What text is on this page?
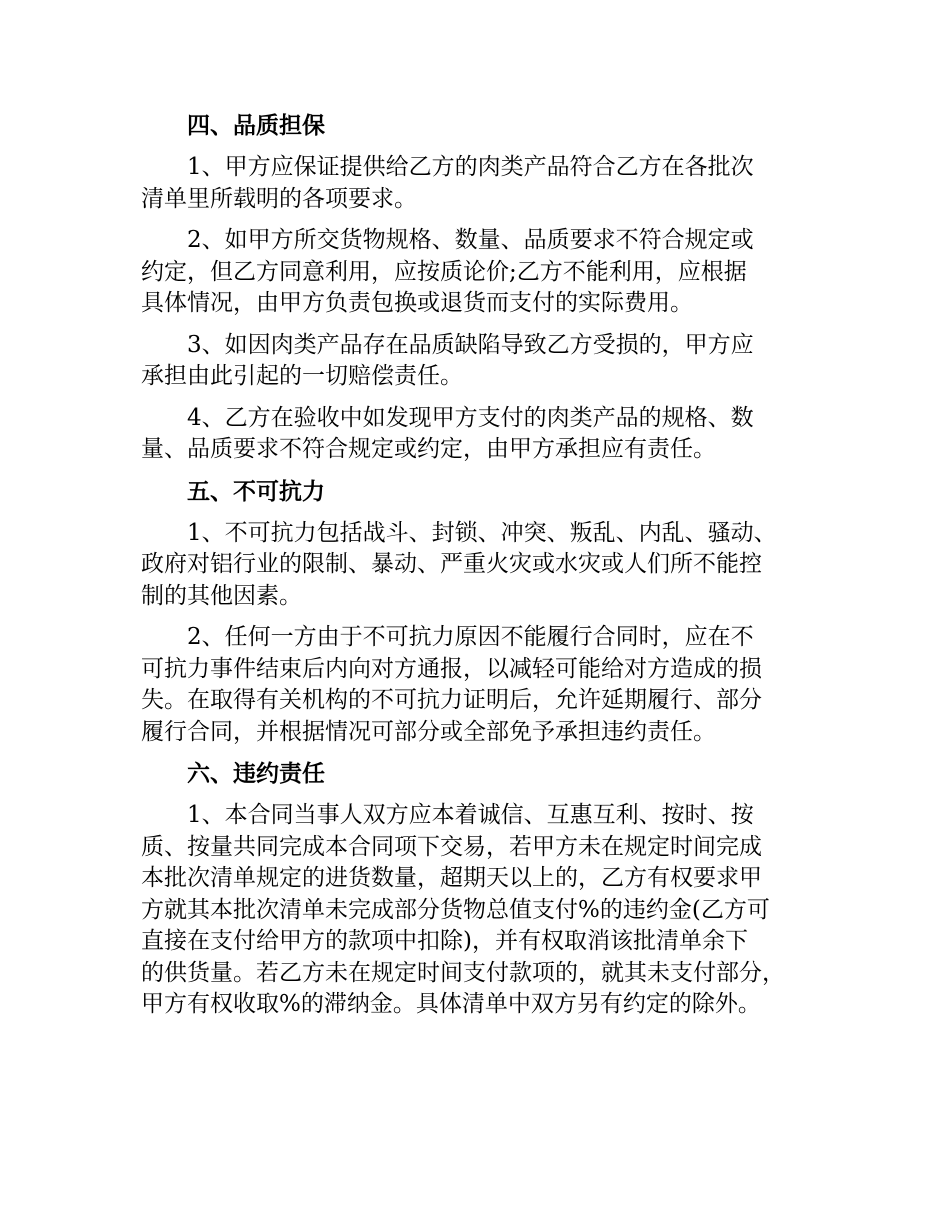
四、品质担保
1、甲方应保证提供给乙方的肉类产品符合乙方在各批次
清单里所载明的各项要求。
2、如甲方所交货物规格、数量、品质要求不符合规定或
约定，但乙方同意利用，应按质论价;乙方不能利用，应根据
具体情况，由甲方负责包换或退货而支付的实际费用。
3、如因肉类产品存在品质缺陷导致乙方受损的，甲方应
承担由此引起的一切赔偿责任。
4、乙方在验收中如发现甲方支付的肉类产品的规格、数
量、品质要求不符合规定或约定，由甲方承担应有责任。
五、不可抗力
1、不可抗力包括战斗、封锁、冲突、叛乱、内乱、骚动、
政府对铝行业的限制、暴动、严重火灾或水灾或人们所不能控
制的其他因素。
2、任何一方由于不可抗力原因不能履行合同时，应在不
可抗力事件结束后内向对方通报，以减轻可能给对方造成的损
失。在取得有关机构的不可抗力证明后，允许延期履行、部分
履行合同，并根据情况可部分或全部免予承担违约责任。
六、违约责任
1、本合同当事人双方应本着诚信、互惠互利、按时、按
质、按量共同完成本合同项下交易，若甲方未在规定时间完成
本批次清单规定的进货数量，超期天以上的，乙方有权要求甲
方就其本批次清单未完成部分货物总值支付%的违约金(乙方可
直接在支付给甲方的款项中扣除)，并有权取消该批清单余下
的供货量。若乙方未在规定时间支付款项的，就其未支付部分，
甲方有权收取%的滞纳金。具体清单中双方另有约定的除外。
